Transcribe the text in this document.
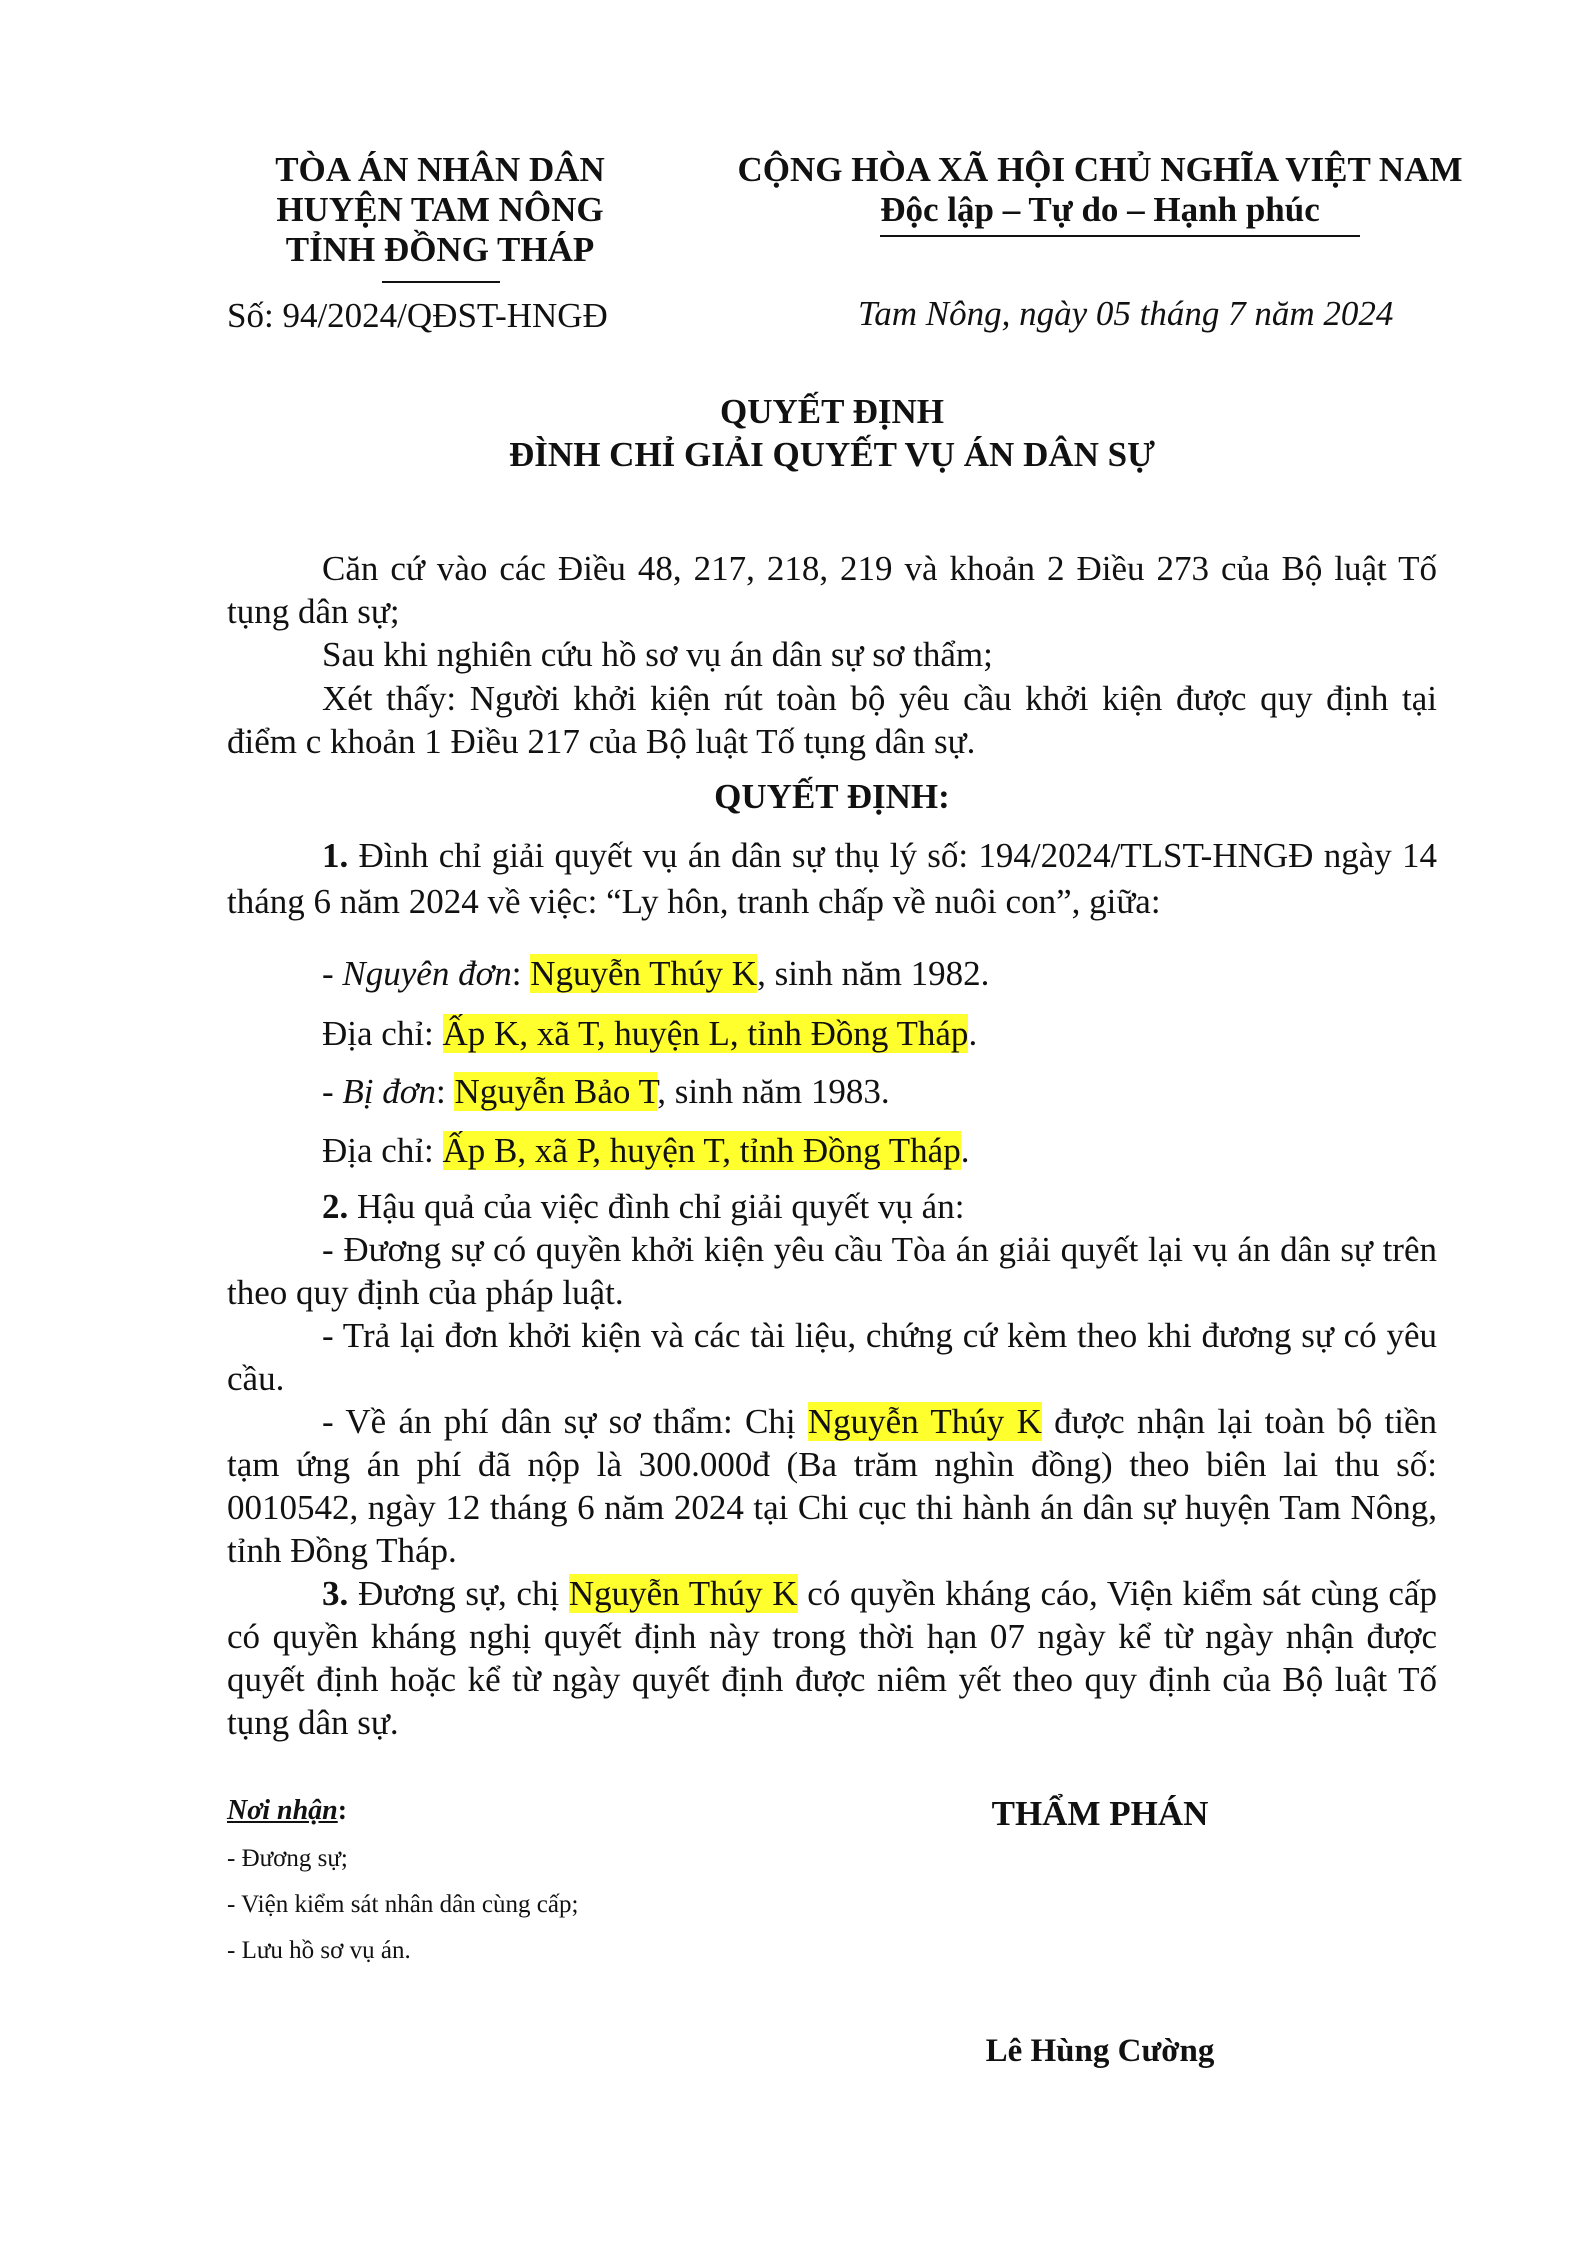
TÒA ÁN NHÂN DÂN
HUYỆN TAM NÔNG
TỈNH ĐỒNG THÁP
CỘNG HÒA XÃ HỘI CHỦ NGHĨA VIỆT NAM
Độc lập – Tự do – Hạnh phúc
Số: 94/2024/QĐST-HNGĐ	Tam Nông, ngày 05 tháng 7 năm 2024
QUYẾT ĐỊNH
ĐÌNH CHỈ GIẢI QUYẾT VỤ ÁN DÂN SỰ
Căn cứ vào các Điều 48, 217, 218, 219 và khoản 2 Điều 273 của Bộ luật Tố tụng dân sự;
Sau khi nghiên cứu hồ sơ vụ án dân sự sơ thẩm;
Xét thấy: Người khởi kiện rút toàn bộ yêu cầu khởi kiện được quy định tại điểm c khoản 1 Điều 217 của Bộ luật Tố tụng dân sự.
QUYẾT ĐỊNH:
1. Đình chỉ giải quyết vụ án dân sự thụ lý số: 194/2024/TLST-HNGĐ ngày 14 tháng 6 năm 2024 về việc: “Ly hôn, tranh chấp về nuôi con”, giữa:
- Nguyên đơn: Nguyễn Thúy K, sinh năm 1982.
Địa chỉ: Ấp K, xã T, huyện L, tỉnh Đồng Tháp.
- Bị đơn: Nguyễn Bảo T, sinh năm 1983.
Địa chỉ: Ấp B, xã P, huyện T, tỉnh Đồng Tháp.
2. Hậu quả của việc đình chỉ giải quyết vụ án:
- Đương sự có quyền khởi kiện yêu cầu Tòa án giải quyết lại vụ án dân sự trên theo quy định của pháp luật.
- Trả lại đơn khởi kiện và các tài liệu, chứng cứ kèm theo khi đương sự có yêu cầu.
- Về án phí dân sự sơ thẩm: Chị Nguyễn Thúy K được nhận lại toàn bộ tiền tạm ứng án phí đã nộp là 300.000đ (Ba trăm nghìn đồng) theo biên lai thu số: 0010542, ngày 12 tháng 6 năm 2024 tại Chi cục thi hành án dân sự huyện Tam Nông, tỉnh Đồng Tháp.
3. Đương sự, chị Nguyễn Thúy K có quyền kháng cáo, Viện kiểm sát cùng cấp có quyền kháng nghị quyết định này trong thời hạn 07 ngày kể từ ngày nhận được quyết định hoặc kể từ ngày quyết định được niêm yết theo quy định của Bộ luật Tố tụng dân sự.
Nơi nhận:
- Đương sự;
- Viện kiểm sát nhân dân cùng cấp;
- Lưu hồ sơ vụ án.
THẨM PHÁN
Lê Hùng Cường
